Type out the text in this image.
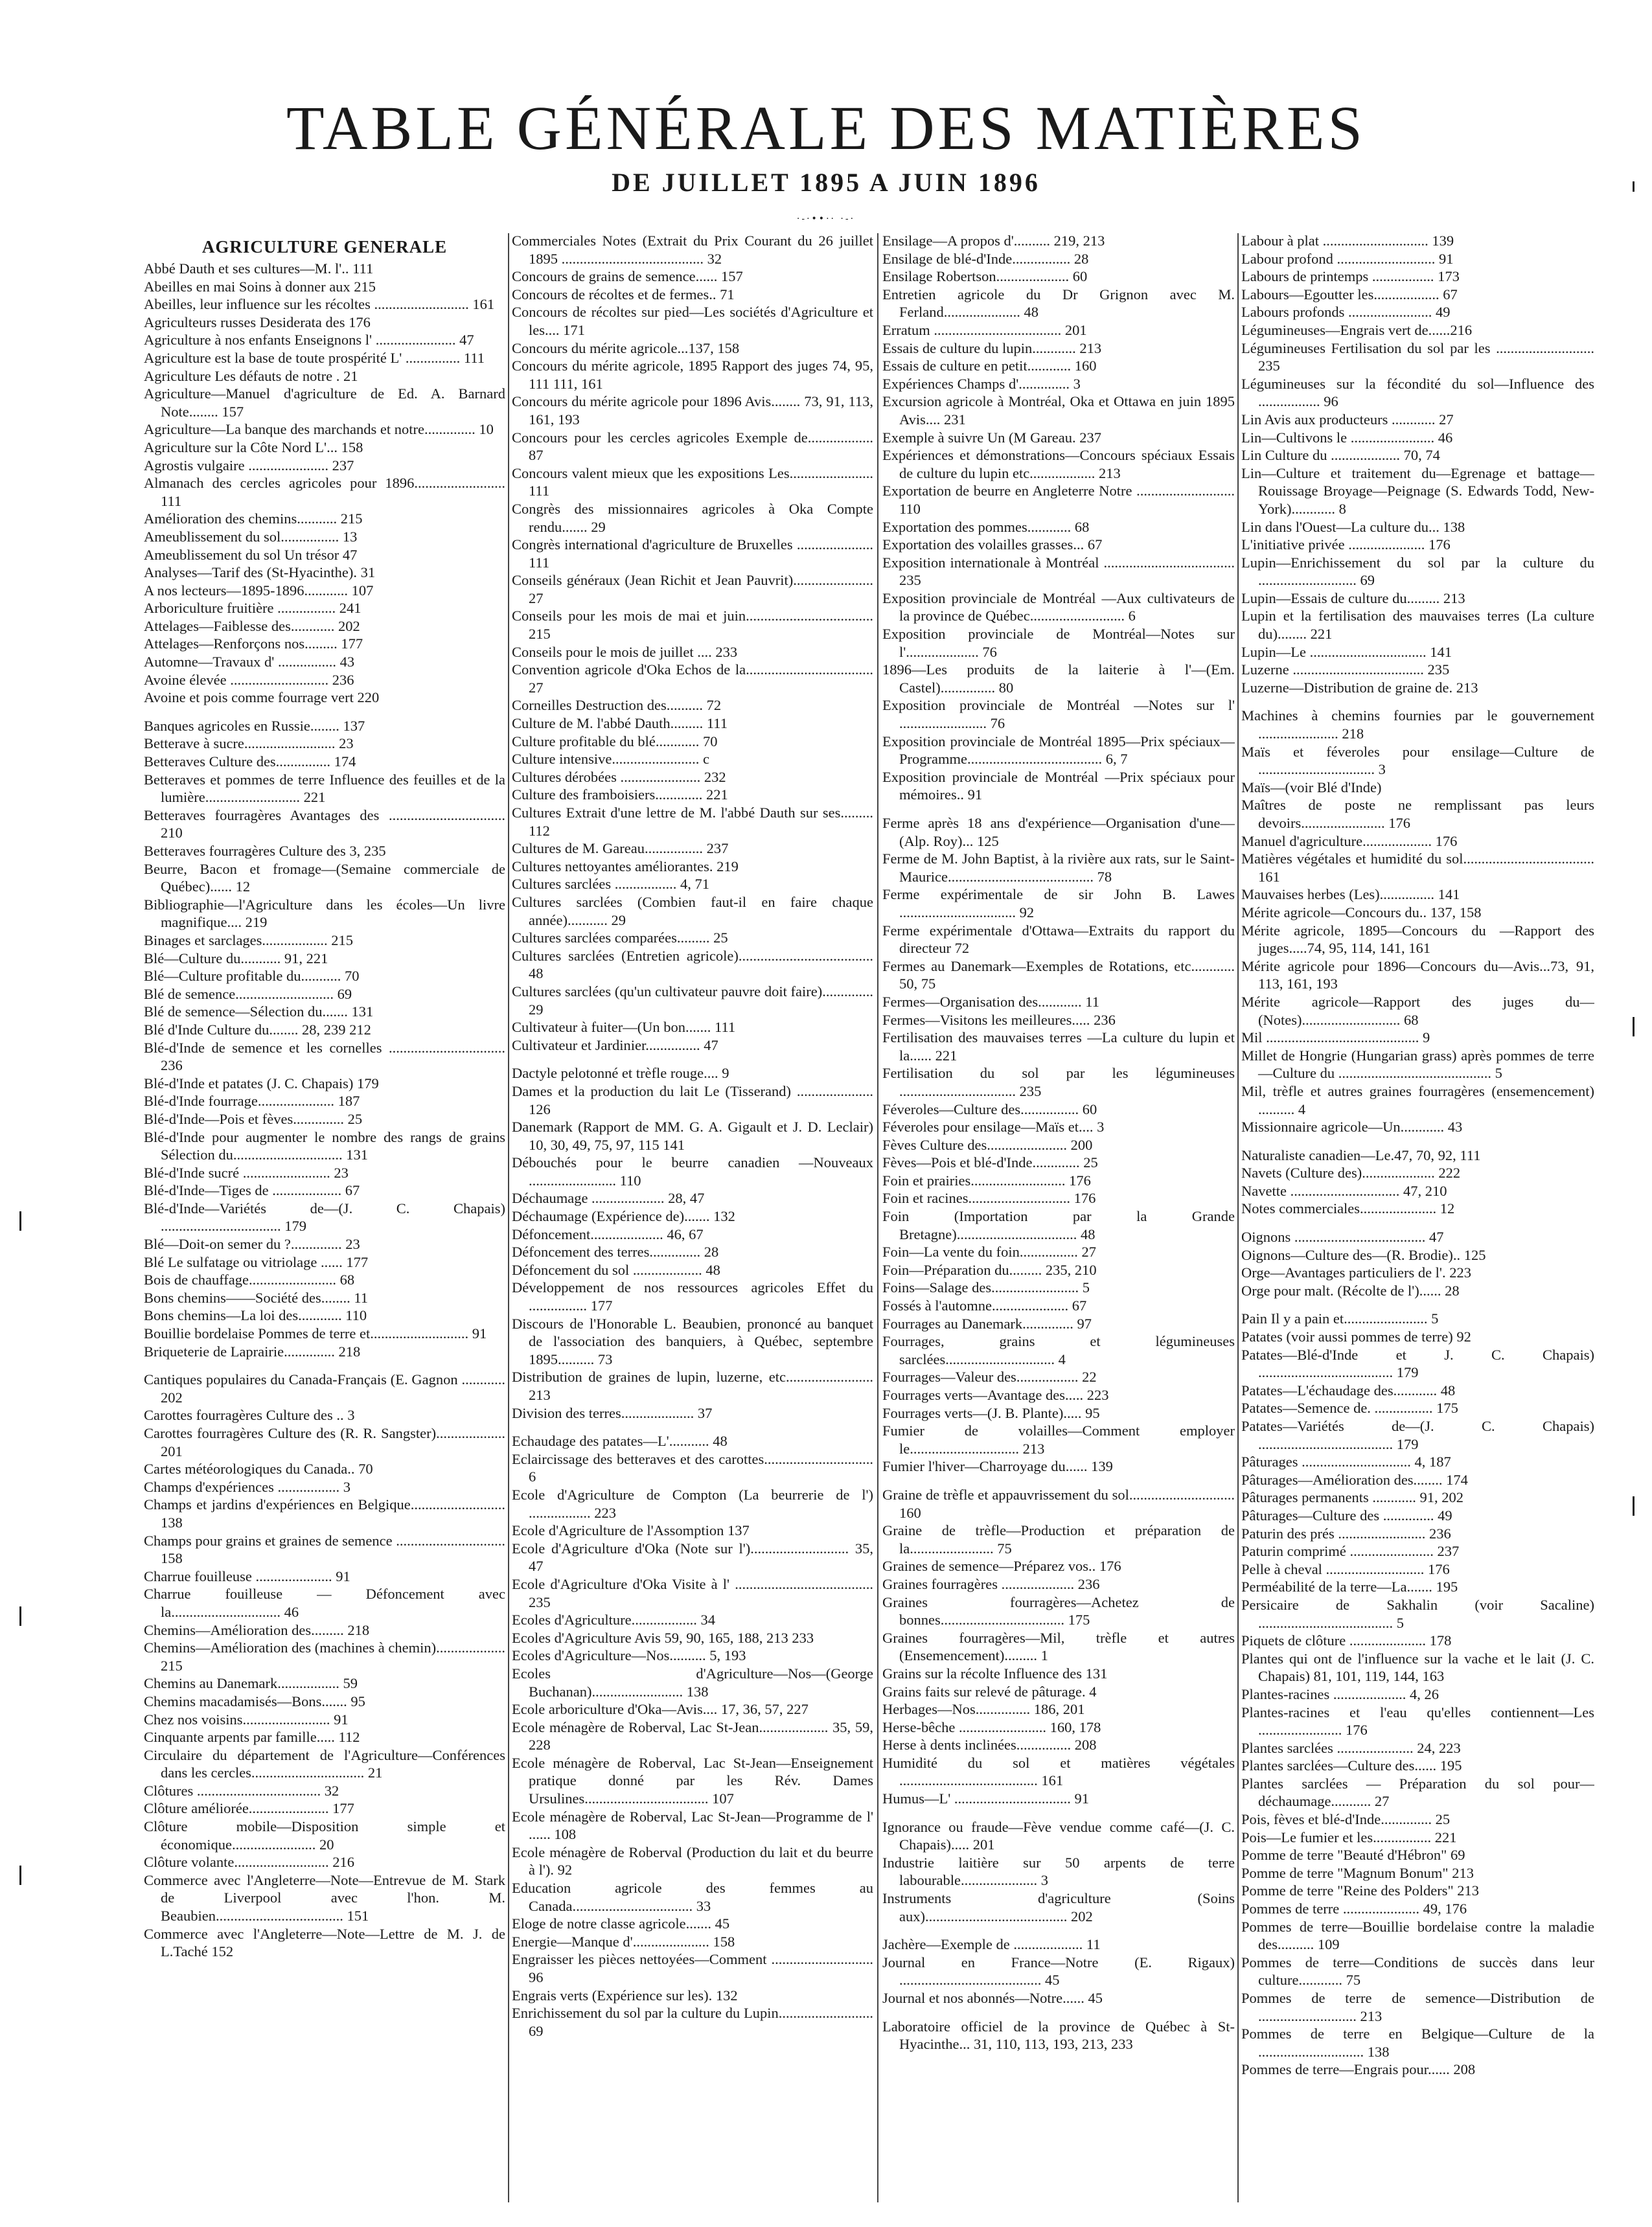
TABLE GÉNÉRALE DES MATIÈRES
DE JUILLET 1895 A JUIN 1896
·-·••·· ·-·
AGRICULTURE GENERALE
Abbé Dauth et ses cultures—M. l'.. 111
Abeilles en mai Soins à donner aux 215
Abeilles, leur influence sur les récoltes .......................... 161
Agriculteurs russes Desiderata des 176
Agriculture à nos enfants Enseignons l' ...................... 47
Agriculture est la base de toute prospérité L' ............... 111
Agriculture Les défauts de notre . 21
Agriculture—Manuel d'agriculture de Ed. A. Barnard Note........ 157
Agriculture—La banque des marchands et notre.............. 10
Agriculture sur la Côte Nord L'... 158
Agrostis vulgaire ...................... 237
Almanach des cercles agricoles pour 1896......................... 111
Amélioration des chemins........... 215
Ameublissement du sol................ 13
Ameublissement du sol Un trésor 47
Analyses—Tarif des (St-Hyacinthe). 31
A nos lecteurs—1895-1896............ 107
Arboriculture fruitière ................ 241
Attelages—Faiblesse des............ 202
Attelages—Renforçons nos......... 177
Automne—Travaux d' ................ 43
Avoine élevée ........................... 236
Avoine et pois comme fourrage vert 220
Banques agricoles en Russie........ 137
Betterave à sucre......................... 23
Betteraves Culture des............... 174
Betteraves et pommes de terre Influence des feuilles et de la lumière.......................... 221
Betteraves fourragères Avantages des ................................ 210
Betteraves fourragères Culture des 3, 235
Beurre, Bacon et fromage—(Semaine commerciale de Québec)...... 12
Bibliographie—l'Agriculture dans les écoles—Un livre magnifique.... 219
Binages et sarclages.................. 215
Blé—Culture du........... 91, 221
Blé—Culture profitable du........... 70
Blé de semence........................... 69
Blé de semence—Sélection du....... 131
Blé d'Inde Culture du........ 28, 239 212
Blé-d'Inde de semence et les cornelles ................................ 236
Blé-d'Inde et patates (J. C. Chapais) 179
Blé-d'Inde fourrage..................... 187
Blé-d'Inde—Pois et fèves.............. 25
Blé-d'Inde pour augmenter le nombre des rangs de grains Sélection du.............................. 131
Blé-d'Inde sucré ........................ 23
Blé-d'Inde—Tiges de ................... 67
Blé-d'Inde—Variétés de—(J. C. Chapais) ................................. 179
Blé—Doit-on semer du ?.............. 23
Blé Le sulfatage ou vitriolage ...... 177
Bois de chauffage........................ 68
Bons chemins——Société des........ 11
Bons chemins—La loi des............ 110
Bouillie bordelaise Pommes de terre et........................... 91
Briqueterie de Laprairie.............. 218
Cantiques populaires du Canada-Français (E. Gagnon ............ 202
Carottes fourragères Culture des .. 3
Carottes fourragères Culture des (R. R. Sangster)................... 201
Cartes météorologiques du Canada.. 70
Champs d'expériences ................. 3
Champs et jardins d'expériences en Belgique.......................... 138
Champs pour grains et graines de semence .............................. 158
Charrue fouilleuse ..................... 91
Charrue fouilleuse — Défoncement avec la.............................. 46
Chemins—Amélioration des......... 218
Chemins—Amélioration des (machines à chemin)................... 215
Chemins au Danemark................. 59
Chemins macadamisés—Bons....... 95
Chez nos voisins........................ 91
Cinquante arpents par famille..... 112
Circulaire du département de l'Agriculture—Conférences dans les cercles............................... 21
Clôtures .................................. 32
Clôture améliorée...................... 177
Clôture mobile—Disposition simple et économique....................... 20
Clôture volante.......................... 216
Commerce avec l'Angleterre—Note—Entrevue de M. Stark de Liverpool avec l'hon. M. Beaubien................................... 151
Commerce avec l'Angleterre—Note—Lettre de M. J. de L.Taché 152
Commerciales Notes (Extrait du Prix Courant du 26 juillet 1895 ....................................... 32
Concours de grains de semence...... 157
Concours de récoltes et de fermes.. 71
Concours de récoltes sur pied—Les sociétés d'Agriculture et les.... 171
Concours du mérite agricole...137, 158
Concours du mérite agricole, 1895 Rapport des juges 74, 95, 111 111, 161
Concours du mérite agricole pour 1896 Avis........ 73, 91, 113, 161, 193
Concours pour les cercles agricoles Exemple de.................. 87
Concours valent mieux que les expositions Les....................... 111
Congrès des missionnaires agricoles à Oka Compte rendu....... 29
Congrès international d'agriculture de Bruxelles ..................... 111
Conseils généraux (Jean Richit et Jean Pauvrit)...................... 27
Conseils pour les mois de mai et juin................................... 215
Conseils pour le mois de juillet .... 233
Convention agricole d'Oka Echos de la................................... 27
Corneilles Destruction des.......... 72
Culture de M. l'abbé Dauth......... 111
Culture profitable du blé............ 70
Culture intensive........................ c
Cultures dérobées ...................... 232
Culture des framboisiers............. 221
Cultures Extrait d'une lettre de M. l'abbé Dauth sur ses......... 112
Cultures de M. Gareau................ 237
Cultures nettoyantes améliorantes. 219
Cultures sarclées ................. 4, 71
Cultures sarclées (Combien faut-il en faire chaque année)........... 29
Cultures sarclées comparées......... 25
Cultures sarclées (Entretien agricole)..................................... 48
Cultures sarclées (qu'un cultivateur pauvre doit faire).............. 29
Cultivateur à fuiter—(Un bon....... 111
Cultivateur et Jardinier............... 47
Dactyle pelotonné et trèfle rouge.... 9
Dames et la production du lait Le (Tisserand) ..................... 126
Danemark (Rapport de MM. G. A. Gigault et J. D. Leclair) 10, 30, 49, 75, 97, 115 141
Débouchés pour le beurre canadien —Nouveaux ........................ 110
Déchaumage .................... 28, 47
Déchaumage (Expérience de)....... 132
Défoncement.................... 46, 67
Défoncement des terres.............. 28
Défoncement du sol ................... 48
Développement de nos ressources agricoles Effet du ................ 177
Discours de l'Honorable L. Beaubien, prononcé au banquet de l'association des banquiers, à Québec, septembre 1895.......... 73
Distribution de graines de lupin, luzerne, etc........................ 213
Division des terres.................... 37
Echaudage des patates—L'........... 48
Eclaircissage des betteraves et des carottes.............................. 6
Ecole d'Agriculture de Compton (La beurrerie de l') ................. 223
Ecole d'Agriculture de l'Assomption 137
Ecole d'Agriculture d'Oka (Note sur l')........................... 35, 47
Ecole d'Agriculture d'Oka Visite à l' ...................................... 235
Ecoles d'Agriculture.................. 34
Ecoles d'Agriculture Avis 59, 90, 165, 188, 213 233
Ecoles d'Agriculture—Nos.......... 5, 193
Ecoles d'Agriculture—Nos—(George Buchanan)......................... 138
Ecole arboriculture d'Oka—Avis.... 17, 36, 57, 227
Ecole ménagère de Roberval, Lac St-Jean................... 35, 59, 228
Ecole ménagère de Roberval, Lac St-Jean—Enseignement pratique donné par les Rév. Dames Ursulines.................................. 107
Ecole ménagère de Roberval, Lac St-Jean—Programme de l' ...... 108
Ecole ménagère de Roberval (Production du lait et du beurre à l'). 92
Education agricole des femmes au Canada................................. 33
Eloge de notre classe agricole....... 45
Energie—Manque d'..................... 158
Engraisser les pièces nettoyées—Comment ............................ 96
Engrais verts (Expérience sur les). 132
Enrichissement du sol par la culture du Lupin.......................... 69
Ensilage—A propos d'.......... 219, 213
Ensilage de blé-d'Inde................ 28
Ensilage Robertson.................... 60
Entretien agricole du Dr Grignon avec M. Ferland..................... 48
Erratum ................................... 201
Essais de culture du lupin............ 213
Essais de culture en petit............ 160
Expériences Champs d'.............. 3
Excursion agricole à Montréal, Oka et Ottawa en juin 1895 Avis.... 231
Exemple à suivre Un (M Gareau. 237
Expériences et démonstrations—Concours spéciaux Essais de culture du lupin etc.................. 213
Exportation de beurre en Angleterre Notre ........................... 110
Exportation des pommes............ 68
Exportation des volailles grasses... 67
Exposition internationale à Montréal .................................... 235
Exposition provinciale de Montréal —Aux cultivateurs de la province de Québec.......................... 6
Exposition provinciale de Montréal—Notes sur l'.................... 76
1896—Les produits de la laiterie à l'—(Em. Castel)............... 80
Exposition provinciale de Montréal —Notes sur l' ........................ 76
Exposition provinciale de Montréal 1895—Prix spéciaux—Programme..................................... 6, 7
Exposition provinciale de Montréal —Prix spéciaux pour mémoires.. 91
Ferme après 18 ans d'expérience—Organisation d'une—(Alp. Roy)... 125
Ferme de M. John Baptist, à la rivière aux rats, sur le Saint-Maurice........................................ 78
Ferme expérimentale de sir John B. Lawes ................................ 92
Ferme expérimentale d'Ottawa—Extraits du rapport du directeur 72
Fermes au Danemark—Exemples de Rotations, etc............ 50, 75
Fermes—Organisation des............ 11
Fermes—Visitons les meilleures..... 236
Fertilisation des mauvaises terres —La culture du lupin et la...... 221
Fertilisation du sol par les légumineuses ................................ 235
Féveroles—Culture des................ 60
Féveroles pour ensilage—Maïs et.... 3
Fèves Culture des...................... 200
Fèves—Pois et blé-d'Inde............. 25
Foin et prairies.......................... 176
Foin et racines............................ 176
Foin (Importation par la Grande Bretagne)................................. 48
Foin—La vente du foin................ 27
Foin—Préparation du......... 235, 210
Foins—Salage des........................ 5
Fossés à l'automne..................... 67
Fourrages au Danemark.............. 97
Fourrages, grains et légumineuses sarclées.............................. 4
Fourrages—Valeur des................. 22
Fourrages verts—Avantage des..... 223
Fourrages verts—(J. B. Plante)..... 95
Fumier de volailles—Comment employer le.............................. 213
Fumier l'hiver—Charroyage du...... 139
Graine de trèfle et appauvrissement du sol............................. 160
Graine de trèfle—Production et préparation de la....................... 75
Graines de semence—Préparez vos.. 176
Graines fourragères .................... 236
Graines fourragères—Achetez de bonnes.................................. 175
Graines fourragères—Mil, trèfle et autres (Ensemencement)......... 1
Grains sur la récolte Influence des 131
Grains faits sur relevé de pâturage. 4
Herbages—Nos............... 186, 201
Herse-bêche ........................ 160, 178
Herse à dents inclinées............... 208
Humidité du sol et matières végétales ...................................... 161
Humus—L' ................................ 91
Ignorance ou fraude—Fève vendue comme café—(J. C. Chapais)..... 201
Industrie laitière sur 50 arpents de terre labourable..................... 3
Instruments d'agriculture (Soins aux)....................................... 202
Jachère—Exemple de ................... 11
Journal en France—Notre (E. Rigaux) ....................................... 45
Journal et nos abonnés—Notre...... 45
Laboratoire officiel de la province de Québec à St-Hyacinthe... 31, 110, 113, 193, 213, 233
Labour à plat ............................. 139
Labour profond ........................... 91
Labours de printemps ................. 173
Labours—Egoutter les.................. 67
Labours profonds ....................... 49
Légumineuses—Engrais vert de......216
Légumineuses Fertilisation du sol par les ........................... 235
Légumineuses sur la fécondité du sol—Influence des ................. 96
Lin Avis aux producteurs ............ 27
Lin—Cultivons le ....................... 46
Lin Culture du ................... 70, 74
Lin—Culture et traitement du—Egrenage et battage—Rouissage Broyage—Peignage (S. Edwards Todd, New-York)............ 8
Lin dans l'Ouest—La culture du... 138
L'initiative privée ..................... 176
Lupin—Enrichissement du sol par la culture du ........................... 69
Lupin—Essais de culture du......... 213
Lupin et la fertilisation des mauvaises terres (La culture du)........ 221
Lupin—Le ................................ 141
Luzerne .................................... 235
Luzerne—Distribution de graine de. 213
Machines à chemins fournies par le gouvernement ...................... 218
Maïs et féveroles pour ensilage—Culture de ................................ 3
Maïs—(voir Blé d'Inde)
Maîtres de poste ne remplissant pas leurs devoirs....................... 176
Manuel d'agriculture................... 176
Matières végétales et humidité du sol.................................... 161
Mauvaises herbes (Les)............... 141
Mérite agricole—Concours du.. 137, 158
Mérite agricole, 1895—Concours du —Rapport des juges.....74, 95, 114, 141, 161
Mérite agricole pour 1896—Concours du—Avis...73, 91, 113, 161, 193
Mérite agricole—Rapport des juges du—(Notes)........................... 68
Mil .......................................... 9
Millet de Hongrie (Hungarian grass) après pommes de terre—Culture du .......................................... 5
Mil, trèfle et autres graines fourragères (ensemencement) .......... 4
Missionnaire agricole—Un............ 43
Naturaliste canadien—Le.47, 70, 92, 111
Navets (Culture des).................... 222
Navette .............................. 47, 210
Notes commerciales..................... 12
Oignons .................................... 47
Oignons—Culture des—(R. Brodie).. 125
Orge—Avantages particuliers de l'. 223
Orge pour malt. (Récolte de l')...... 28
Pain Il y a pain et....................... 5
Patates (voir aussi pommes de terre) 92
Patates—Blé-d'Inde et J. C. Chapais) ..................................... 179
Patates—L'échaudage des............ 48
Patates—Semence de. ................ 175
Patates—Variétés de—(J. C. Chapais) ..................................... 179
Pâturages .............................. 4, 187
Pâturages—Amélioration des........ 174
Pâturages permanents ............ 91, 202
Pâturages—Culture des .............. 49
Paturin des prés ........................ 236
Paturin comprimé ....................... 237
Pelle à cheval ........................... 176
Perméabilité de la terre—La....... 195
Persicaire de Sakhalin (voir Sacaline) ..................................... 5
Piquets de clôture ..................... 178
Plantes qui ont de l'influence sur la vache et le lait (J. C. Chapais) 81, 101, 119, 144, 163
Plantes-racines .................... 4, 26
Plantes-racines et l'eau qu'elles contiennent—Les ....................... 176
Plantes sarclées ..................... 24, 223
Plantes sarclées—Culture des...... 195
Plantes sarclées — Préparation du sol pour—déchaumage........... 27
Pois, fèves et blé-d'Inde.............. 25
Pois—Le fumier et les................ 221
Pomme de terre "Beauté d'Hébron" 69
Pomme de terre "Magnum Bonum" 213
Pomme de terre "Reine des Polders" 213
Pommes de terre ..................... 49, 176
Pommes de terre—Bouillie bordelaise contre la maladie des.......... 109
Pommes de terre—Conditions de succès dans leur culture............ 75
Pommes de terre de semence—Distribution de ........................... 213
Pommes de terre en Belgique—Culture de la ............................. 138
Pommes de terre—Engrais pour...... 208
